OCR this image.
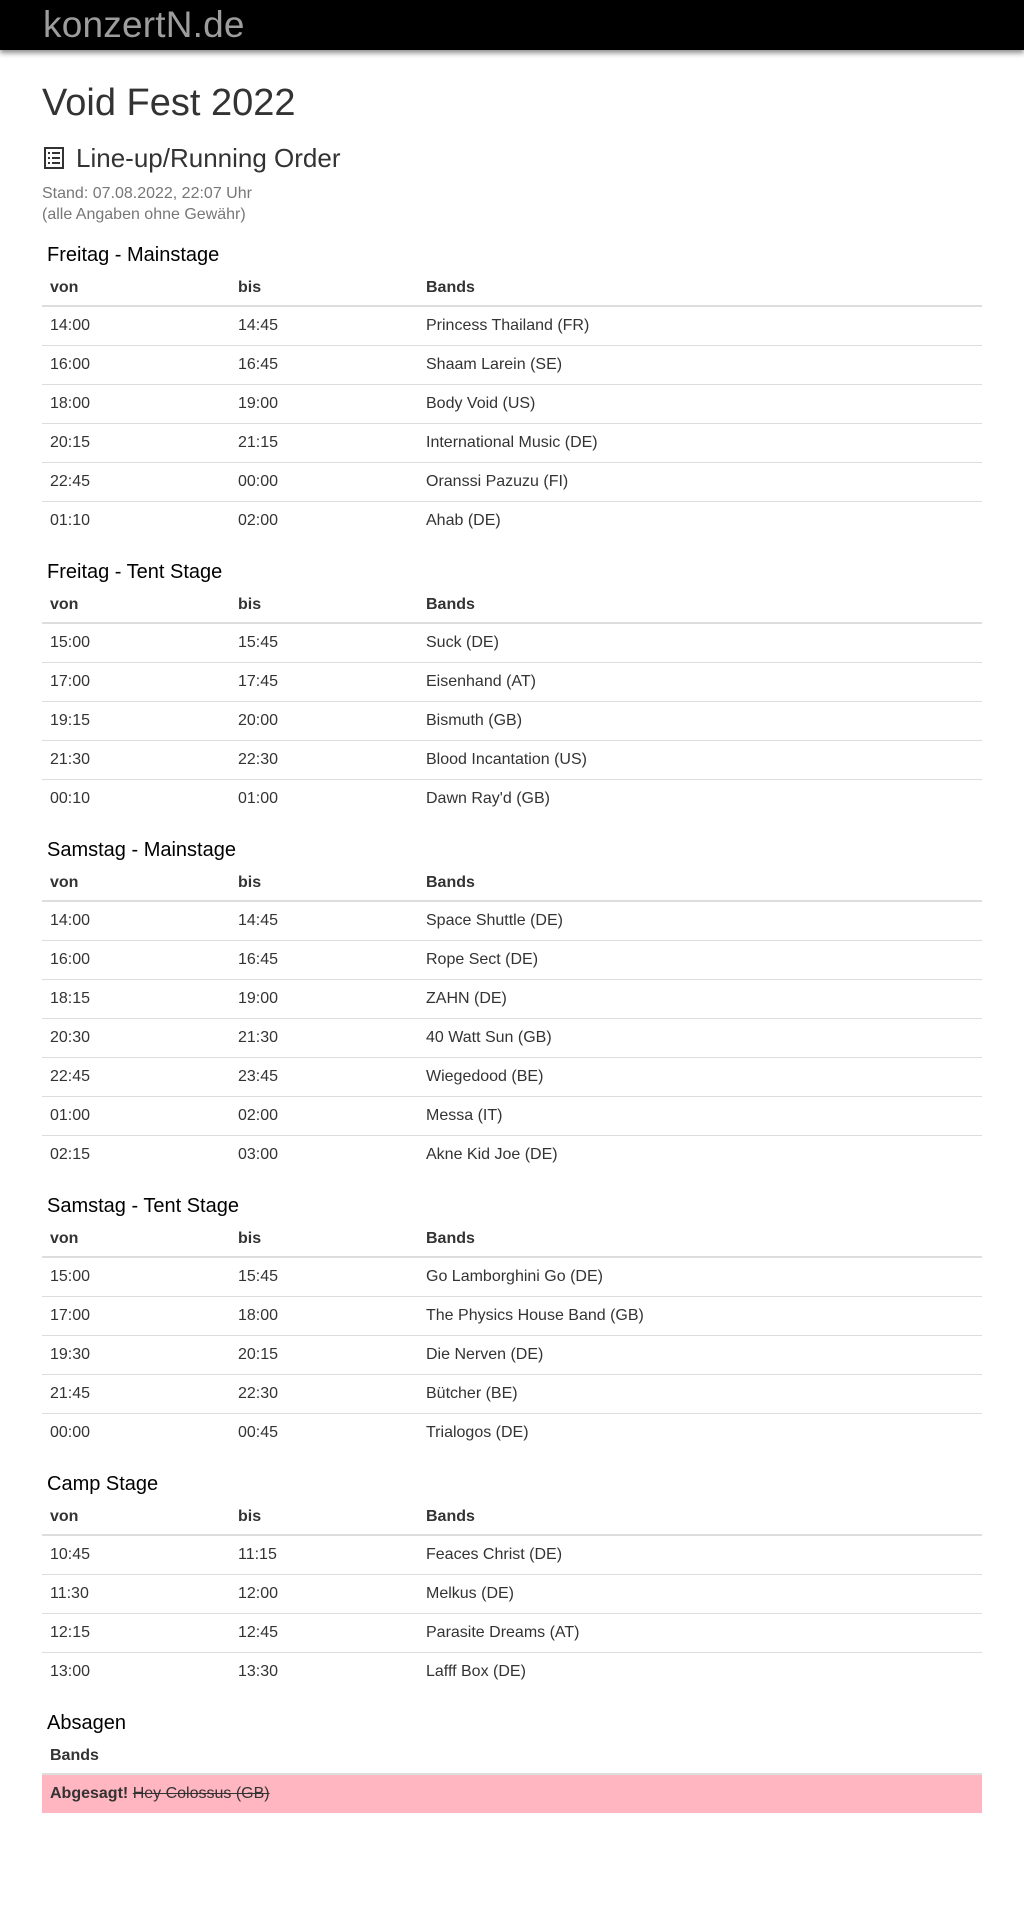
konzertN.de
Void Fest 2022
Line-up/Running Order
Stand: 07.08.2022, 22:07 Uhr
(alle Angaben ohne Gewähr)
Freitag - Mainstage
von	bis	Bands
14:00	14:45	Princess Thailand (FR)
16:00	16:45	Shaam Larein (SE)
18:00	19:00	Body Void (US)
20:15	21:15	International Music (DE)
22:45	00:00	Oranssi Pazuzu (FI)
01:10	02:00	Ahab (DE)
Freitag - Tent Stage
von	bis	Bands
15:00	15:45	Suck (DE)
17:00	17:45	Eisenhand (AT)
19:15	20:00	Bismuth (GB)
21:30	22:30	Blood Incantation (US)
00:10	01:00	Dawn Ray'd (GB)
Samstag - Mainstage
von	bis	Bands
14:00	14:45	Space Shuttle (DE)
16:00	16:45	Rope Sect (DE)
18:15	19:00	ZAHN (DE)
20:30	21:30	40 Watt Sun (GB)
22:45	23:45	Wiegedood (BE)
01:00	02:00	Messa (IT)
02:15	03:00	Akne Kid Joe (DE)
Samstag - Tent Stage
von	bis	Bands
15:00	15:45	Go Lamborghini Go (DE)
17:00	18:00	The Physics House Band (GB)
19:30	20:15	Die Nerven (DE)
21:45	22:30	Bütcher (BE)
00:00	00:45	Trialogos (DE)
Camp Stage
von	bis	Bands
10:45	11:15	Feaces Christ (DE)
11:30	12:00	Melkus (DE)
12:15	12:45	Parasite Dreams (AT)
13:00	13:30	Lafff Box (DE)
Absagen
Bands
Abgesagt! Hey Colossus (GB)
